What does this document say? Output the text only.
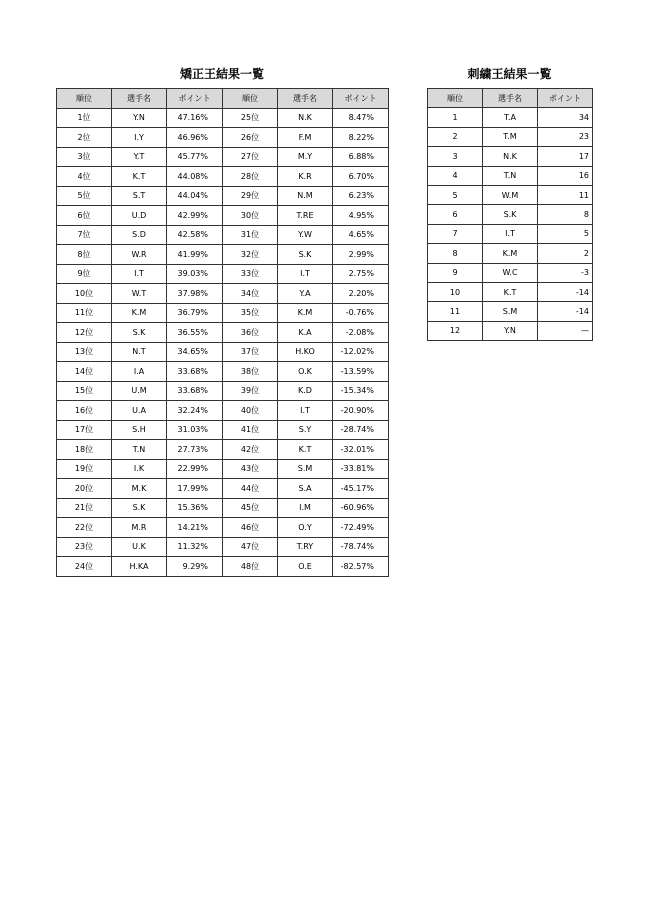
矯正王結果一覧
順位	選手名	ポイント	順位	選手名	ポイント
1位	Y.N	47.16%	25位	N.K	8.47%
2位	I.Y	46.96%	26位	F.M	8.22%
3位	Y.T	45.77%	27位	M.Y	6.88%
4位	K.T	44.08%	28位	K.R	6.70%
5位	S.T	44.04%	29位	N.M	6.23%
6位	U.D	42.99%	30位	T.RE	4.95%
7位	S.D	42.58%	31位	Y.W	4.65%
8位	W.R	41.99%	32位	S.K	2.99%
9位	I.T	39.03%	33位	I.T	2.75%
10位	W.T	37.98%	34位	Y.A	2.20%
11位	K.M	36.79%	35位	K.M	-0.76%
12位	S.K	36.55%	36位	K.A	-2.08%
13位	N.T	34.65%	37位	H.KO	-12.02%
14位	I.A	33.68%	38位	O.K	-13.59%
15位	U.M	33.68%	39位	K.D	-15.34%
16位	U.A	32.24%	40位	I.T	-20.90%
17位	S.H	31.03%	41位	S.Y	-28.74%
18位	T.N	27.73%	42位	K.T	-32.01%
19位	I.K	22.99%	43位	S.M	-33.81%
20位	M.K	17.99%	44位	S.A	-45.17%
21位	S.K	15.36%	45位	I.M	-60.96%
22位	M.R	14.21%	46位	O.Y	-72.49%
23位	U.K	11.32%	47位	T.RY	-78.74%
24位	H.KA	9.29%	48位	O.E	-82.57%
刺繍王結果一覧
順位	選手名	ポイント
1	T.A	34
2	T.M	23
3	N.K	17
4	T.N	16
5	W.M	11
6	S.K	8
7	I.T	5
8	K.M	2
9	W.C	-3
10	K.T	-14
11	S.M	-14
12	Y.N	—
